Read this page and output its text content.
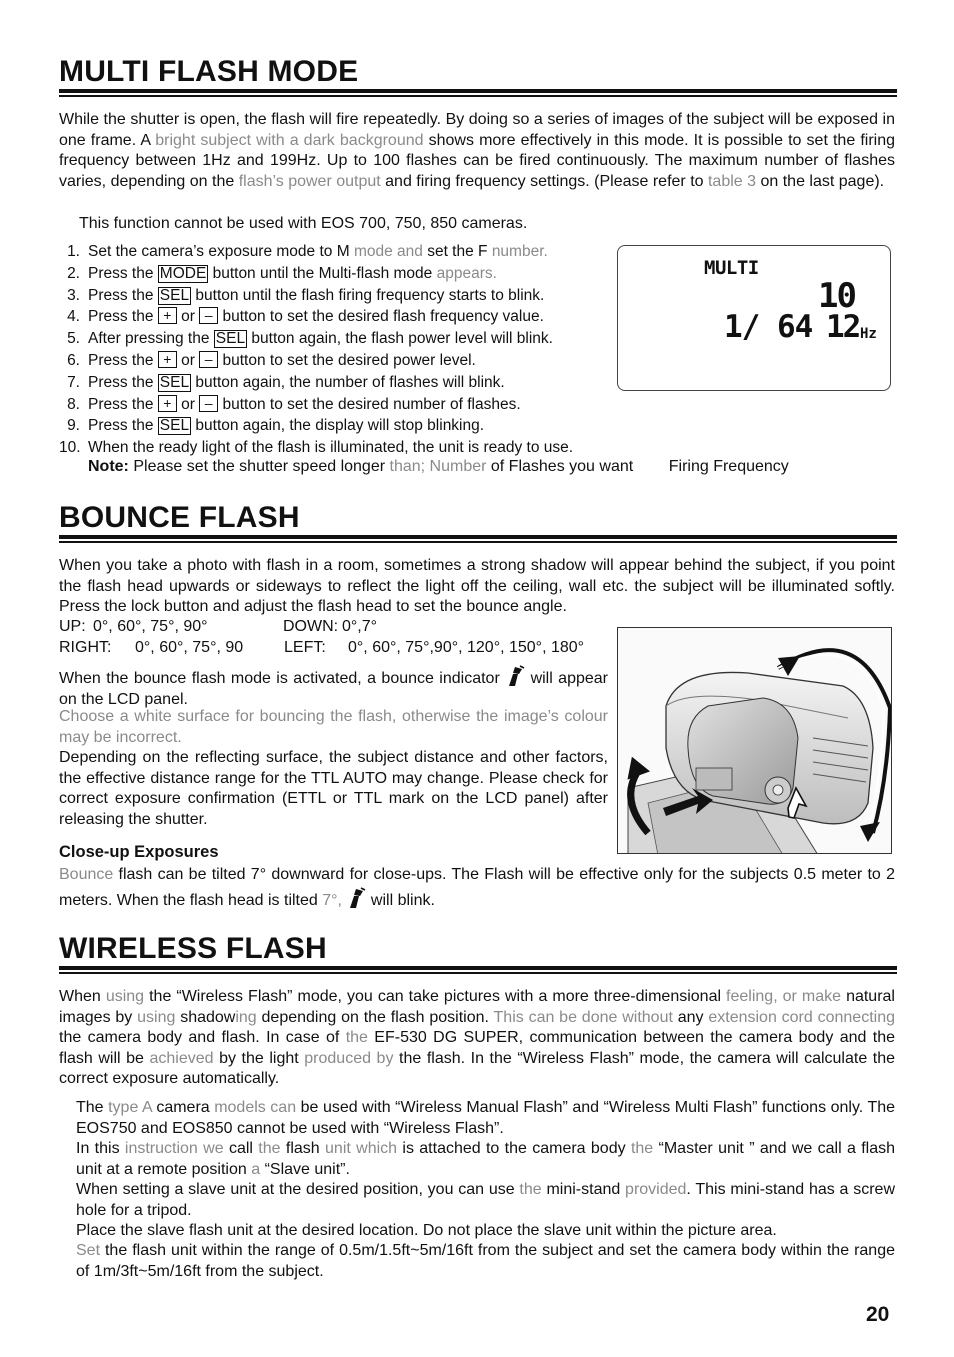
MULTI FLASH MODE

While the shutter is open, the flash will fire repeatedly. By doing so a series of images of the subject will be exposed in one frame. A bright subject with a dark background shows more effectively in this mode. It is possible to set the firing frequency between 1Hz and 199Hz. Up to 100 flashes can be fired continuously. The maximum number of flashes varies, depending on the flash’s power output and firing frequency settings. (Please refer to table 3 on the last page).

This function cannot be used with EOS 700, 750, 850 cameras.

1. Set the camera’s exposure mode to M mode and set the F number.
2. Press the MODE button until the Multi-flash mode appears.
3. Press the SEL button until the flash firing frequency starts to blink.
4. Press the + or – button to set the desired flash frequency value.
5. After pressing the SEL button again, the flash power level will blink.
6. Press the + or – button to set the desired power level.
7. Press the SEL button again, the number of flashes will blink.
8. Press the + or – button to set the desired number of flashes.
9. Press the SEL button again, the display will stop blinking.
10. When the ready light of the flash is illuminated, the unit is ready to use.

Note: Please set the shutter speed longer than; Number of Flashes you want        Firing Frequency

MULTI
10
1/ 64 12 Hz
BOUNCE FLASH

When you take a photo with flash in a room, sometimes a strong shadow will appear behind the subject, if you point the flash head upwards or sideways to reflect the light off the ceiling, wall etc. the subject will be illuminated softly. Press the lock button and adjust the flash head to set the bounce angle.

UP: 0°, 60°, 75°, 90°	DOWN: 0°,7°
RIGHT: 0°, 60°, 75°, 90	LEFT: 0°, 60°, 75°,90°, 120°, 150°, 180°

When the bounce flash mode is activated, a bounce indicator  will appear on the LCD panel.

Choose a white surface for bouncing the flash, otherwise the image’s colour may be incorrect.

Depending on the reflecting surface, the subject distance and other factors, the effective distance range for the TTL AUTO may change. Please check for correct exposure confirmation (ETTL or TTL mark on the LCD panel) after releasing the shutter.

Close-up Exposures

Bounce flash can be tilted 7° downward for close-ups. The Flash will be effective only for the subjects 0.5 meter to 2 meters. When the flash head is tilted 7°,  will blink.

WIRELESS FLASH

When using the “Wireless Flash” mode, you can take pictures with a more three-dimensional feeling, or make natural images by using shadowing depending on the flash position. This can be done without any extension cord connecting the camera body and flash. In case of the EF-530 DG SUPER, communication between the camera body and the flash will be achieved by the light produced by the flash. In the “Wireless Flash” mode, the camera will calculate the correct exposure automatically.

The type A camera models can be used with “Wireless Manual Flash” and “Wireless Multi Flash” functions only. The EOS750 and EOS850 cannot be used with “Wireless Flash”.

In this instruction we call the flash unit which is attached to the camera body the “Master unit ” and we call a flash unit at a remote position a “Slave unit”.

When setting a slave unit at the desired position, you can use the mini-stand provided. This mini-stand has a screw hole for a tripod.

Place the slave flash unit at the desired location. Do not place the slave unit within the picture area.

Set the flash unit within the range of 0.5m/1.5ft~5m/16ft from the subject and set the camera body within the range of 1m/3ft~5m/16ft from the subject.

20
